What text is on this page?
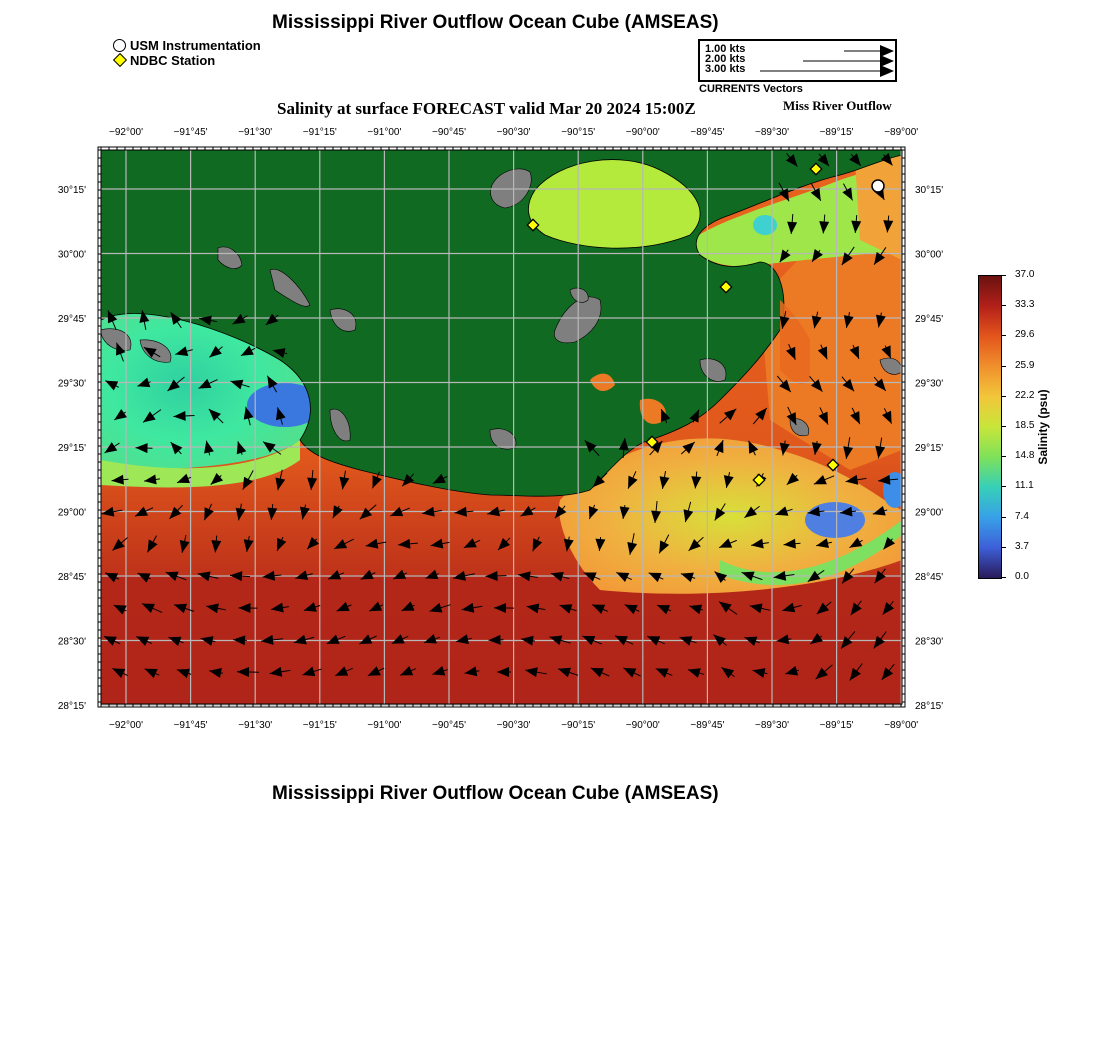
Mississippi River Outflow Ocean Cube (AMSEAS)
USM Instrumentation
NDBC Station
1.00 kts
2.00 kts
3.00 kts
CURRENTS Vectors
Salinity at surface FORECAST valid Mar 20 2024 15:00Z	Miss River Outflow
−92°00'
−92°00'
−91°45'
−91°45'
−91°30'
−91°30'
−91°15'
−91°15'
−91°00'
−91°00'
−90°45'
−90°45'
−90°30'
−90°30'
−90°15'
−90°15'
−90°00'
−90°00'
−89°45'
−89°45'
−89°30'
−89°30'
−89°15'
−89°15'
−89°00'
−89°00'
30°15'	30°15'
30°00'	30°00'
29°45'	29°45'
29°30'	29°30'
29°15'	29°15'
29°00'	29°00'
28°45'	28°45'
28°30'	28°30'
28°15'	28°15'
37.0
33.3
29.6
25.9
22.2
18.5
14.8
11.1
7.4
3.7
0.0
Salinity (psu)
Mississippi River Outflow Ocean Cube (AMSEAS)
